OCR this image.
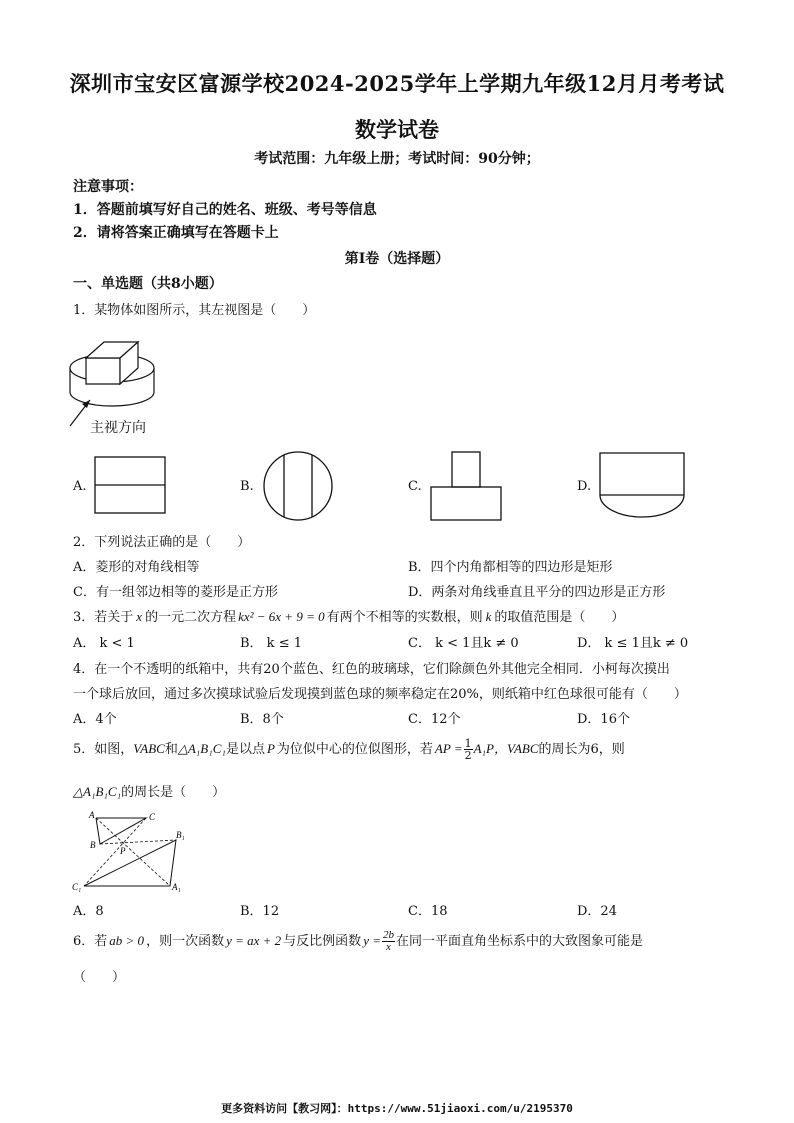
深圳市宝安区富源学校2024-2025学年上学期九年级12月月考考试
数学试卷
考试范围：九年级上册；考试时间：90分钟；
注意事项：
1．答题前填写好自己的姓名、班级、考号等信息
2．请将答案正确填写在答题卡上
第I卷（选择题）
一、单选题（共8小题）
1．某物体如图所示，其左视图是（　　）
主视方向
A.	B.	C.	D.
2．下列说法正确的是（　　）
A．菱形的对角线相等	B．四个内角都相等的四边形是矩形
C．有一组邻边相等的菱形是正方形	D．两条对角线垂直且平分的四边形是正方形
3．若关于 x 的一元二次方程 kx² − 6x + 9 = 0 有两个不相等的实数根，则 k 的取值范围是（　　）
A． k < 1	B． k ≤ 1	C． k < 1且k ≠ 0	D． k ≤ 1且k ≠ 0
4．在一个不透明的纸箱中，共有20个蓝色、红色的玻璃球，它们除颜色外其他完全相同．小柯每次摸出
一个球后放回，通过多次摸球试验后发现摸到蓝色球的频率稳定在20%，则纸箱中红色球很可能有（　　）
A．4个	B．8个	C．12个	D．16个
5．如图，VABC和△A₁B₁C₁是以点 P 为位似中心的位似图形，若 AP = $\frac{1}{2} A_1P$，VABC的周长为6，则
△A₁B₁C₁的周长是（　　）
A	C
B
P
B₁
C₁	A₁
A．8	B．12	C．18	D．24
6．若 ab > 0 ，则一次函数 y = ax + 2 与反比例函数 $y = \frac{2b}{x}$ 在同一平面直角坐标系中的大致图象可能是
（　　）
更多资料访问【教习网】：https://www.51jiaoxi.com/u/2195370
